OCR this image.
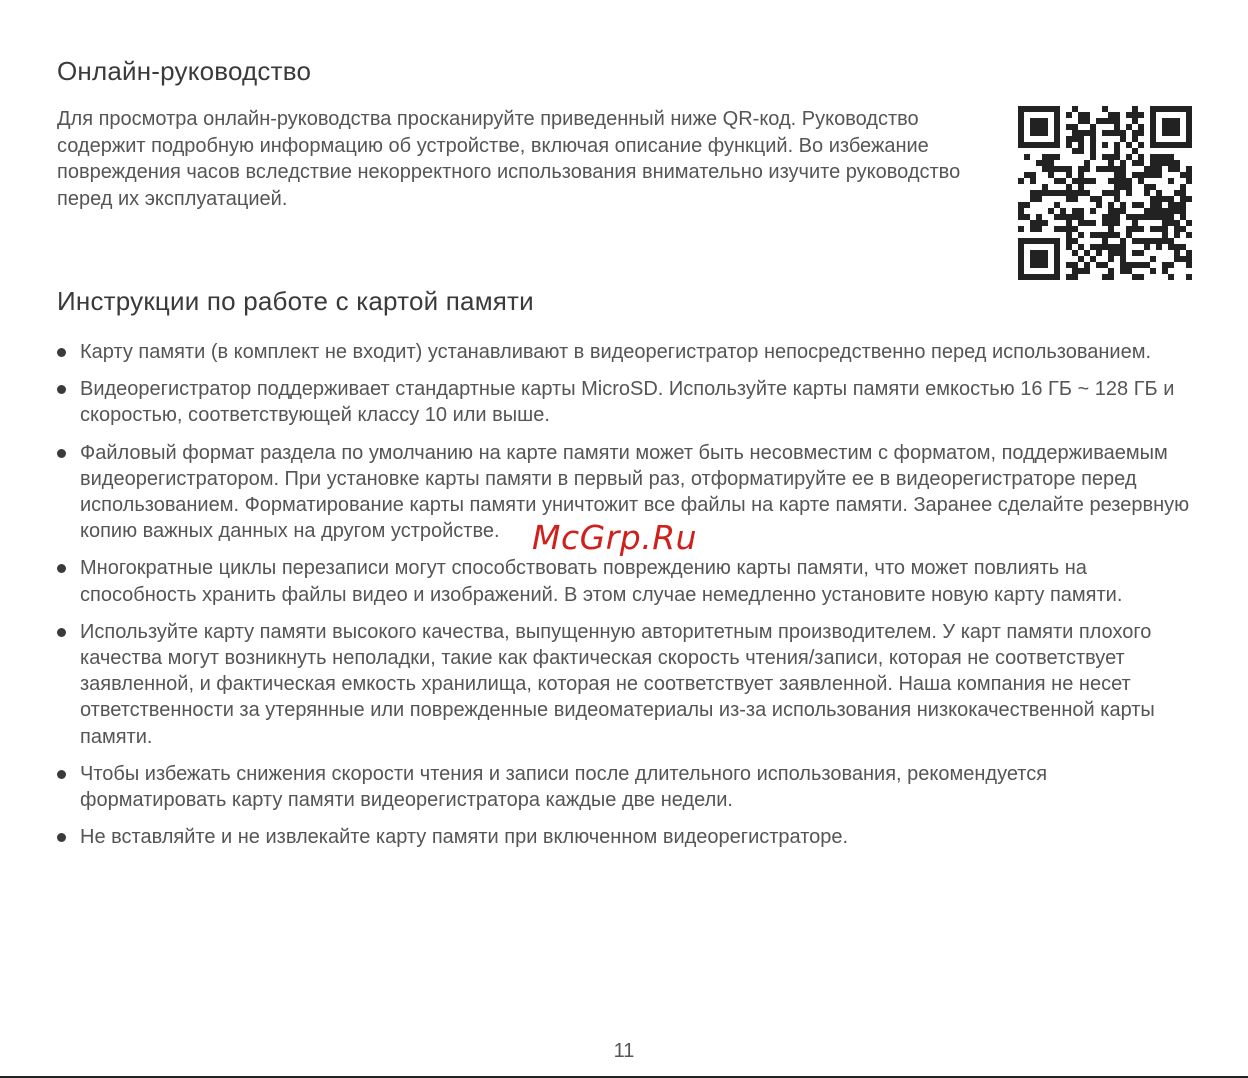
Онлайн-руководство

Для просмотра онлайн-руководства просканируйте приведенный ниже QR-код. Руководство содержит подробную информацию об устройстве, включая описание функций. Во избежание повреждения часов вследствие некорректного использования внимательно изучите руководство перед их эксплуатацией.

Инструкции по работе с картой памяти
Карту памяти (в комплект не входит) устанавливают в видеорегистратор непосредственно перед использованием.
Видеорегистратор поддерживает стандартные карты MicroSD. Используйте карты памяти емкостью 16 ГБ ~ 128 ГБ и скоростью, соответствующей классу 10 или выше.
Файловый формат раздела по умолчанию на карте памяти может быть несовместим с форматом, поддерживаемым видеорегистратором. При установке карты памяти в первый раз, отформатируйте ее в видеорегистраторе перед использованием. Форматирование карты памяти уничтожит все файлы на карте памяти. Заранее сделайте резервную копию важных данных на другом устройстве.
Многократные циклы перезаписи могут способствовать повреждению карты памяти, что может повлиять на способность хранить файлы видео и изображений. В этом случае немедленно установите новую карту памяти.
Используйте карту памяти высокого качества, выпущенную авторитетным производителем. У карт памяти плохого качества могут возникнуть неполадки, такие как фактическая скорость чтения/записи, которая не соответствует заявленной, и фактическая емкость хранилища, которая не соответствует заявленной. Наша компания не несет ответственности за утерянные или поврежденные видеоматериалы из-за использования низкокачественной карты памяти.
Чтобы избежать снижения скорости чтения и записи после длительного использования, рекомендуется форматировать карту памяти видеорегистратора каждые две недели.
Не вставляйте и не извлекайте карту памяти при включенном видеорегистраторе.
McGrp.Ru
11
